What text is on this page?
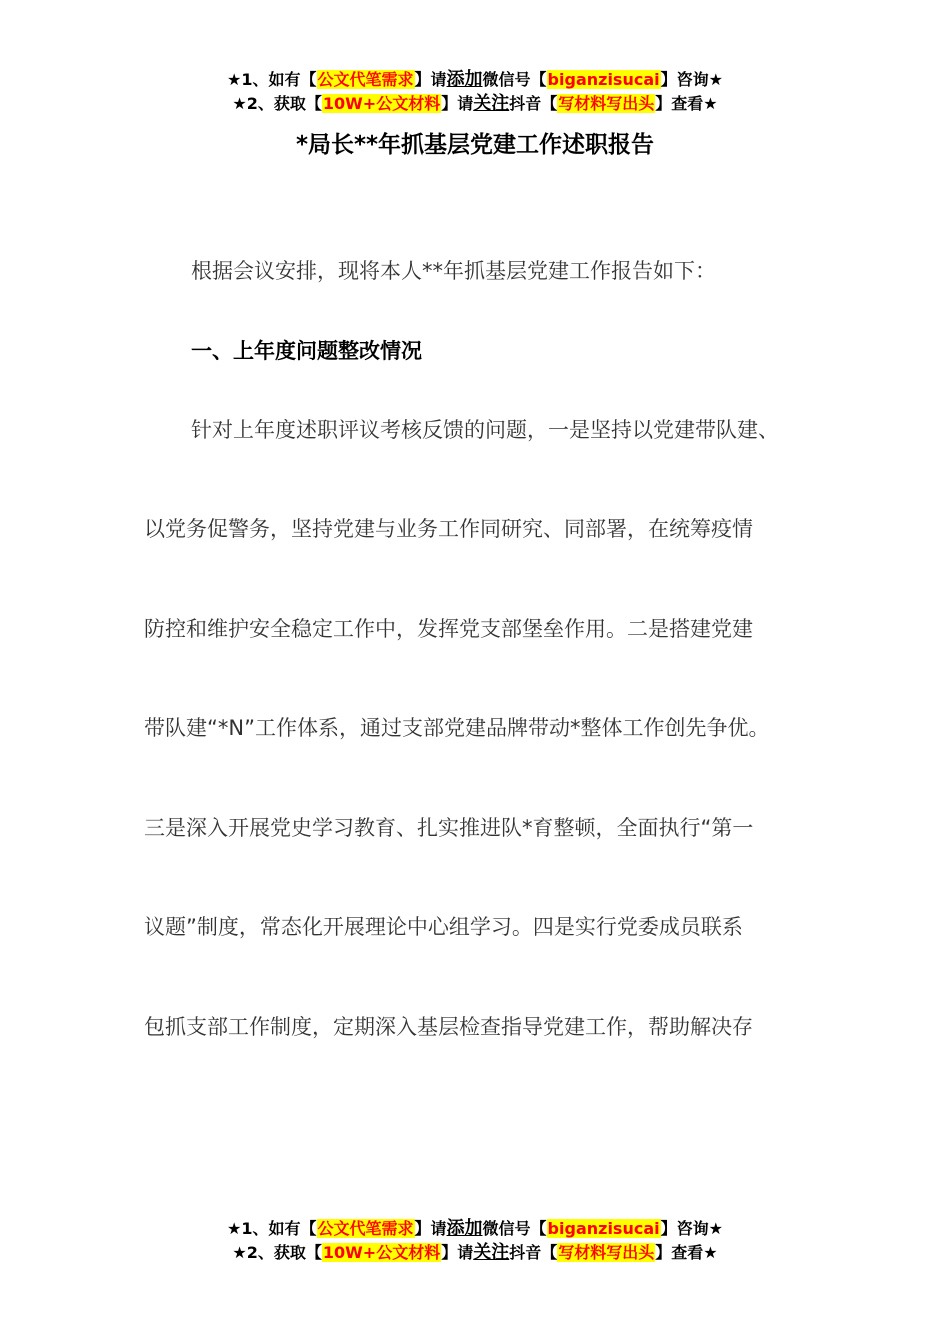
★1、如有【公文代笔需求】请添加微信号【biganzisucai】咨询★
★2、获取【10W+公文材料】请关注抖音【写材料写出头】查看★
*局长**年抓基层党建工作述职报告
根据会议安排，现将本人**年抓基层党建工作报告如下：
一、上年度问题整改情况
针对上年度述职评议考核反馈的问题，一是坚持以党建带队建、
以党务促警务，坚持党建与业务工作同研究、同部署，在统筹疫情
防控和维护安全稳定工作中，发挥党支部堡垒作用。二是搭建党建
带队建“*N”工作体系，通过支部党建品牌带动*整体工作创先争优。
三是深入开展党史学习教育、扎实推进队*育整顿，全面执行“第一
议题”制度，常态化开展理论中心组学习。四是实行党委成员联系
包抓支部工作制度，定期深入基层检查指导党建工作，帮助解决存
★1、如有【公文代笔需求】请添加微信号【biganzisucai】咨询★
★2、获取【10W+公文材料】请关注抖音【写材料写出头】查看★
